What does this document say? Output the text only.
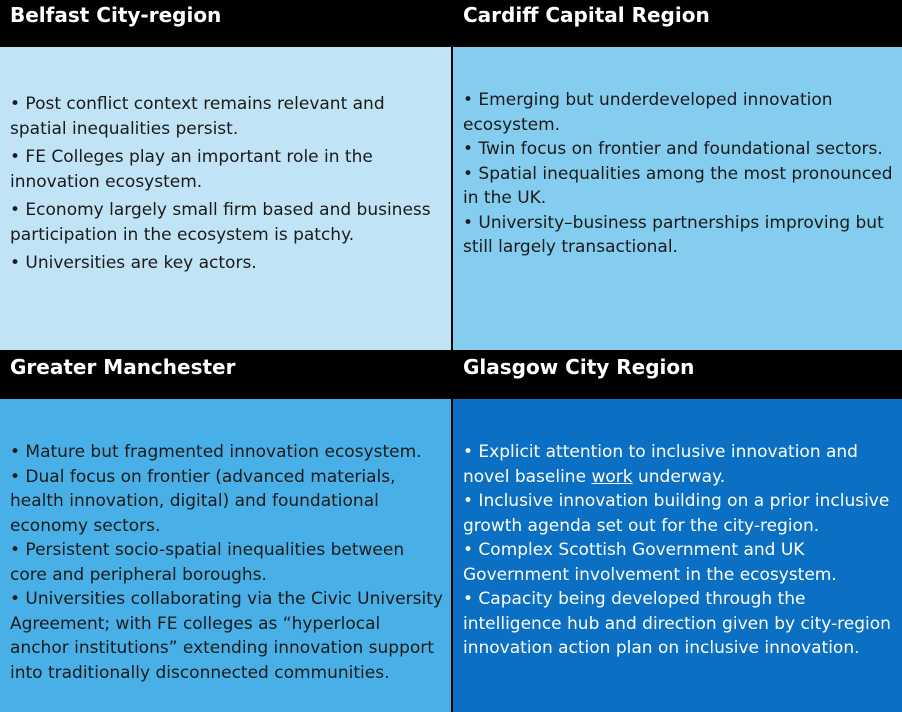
Belfast City-region

• Post conflict context remains relevant and spatial inequalities persist.

• FE Colleges play an important role in the innovation ecosystem.

• Economy largely small firm based and business participation in the ecosystem is patchy.

• Universities are key actors.

Cardiff Capital Region

• Emerging but underdeveloped innovation ecosystem.

• Twin focus on frontier and foundational sectors.

• Spatial inequalities among the most pronounced in the UK.

• University–business partnerships improving but still largely transactional.

Greater Manchester

• Mature but fragmented innovation ecosystem.

• Dual focus on frontier (advanced materials, health innovation, digital) and foundational economy sectors.

• Persistent socio-spatial inequalities between core and peripheral boroughs.

• Universities collaborating via the Civic University Agreement; with FE colleges as “hyperlocal anchor institutions” extending innovation support into traditionally disconnected communities.

Glasgow City Region

• Explicit attention to inclusive innovation and novel baseline work underway.

• Inclusive innovation building on a prior inclusive growth agenda set out for the city-region.

• Complex Scottish Government and UK Government involvement in the ecosystem.

• Capacity being developed through the intelligence hub and direction given by city-region innovation action plan on inclusive innovation.
